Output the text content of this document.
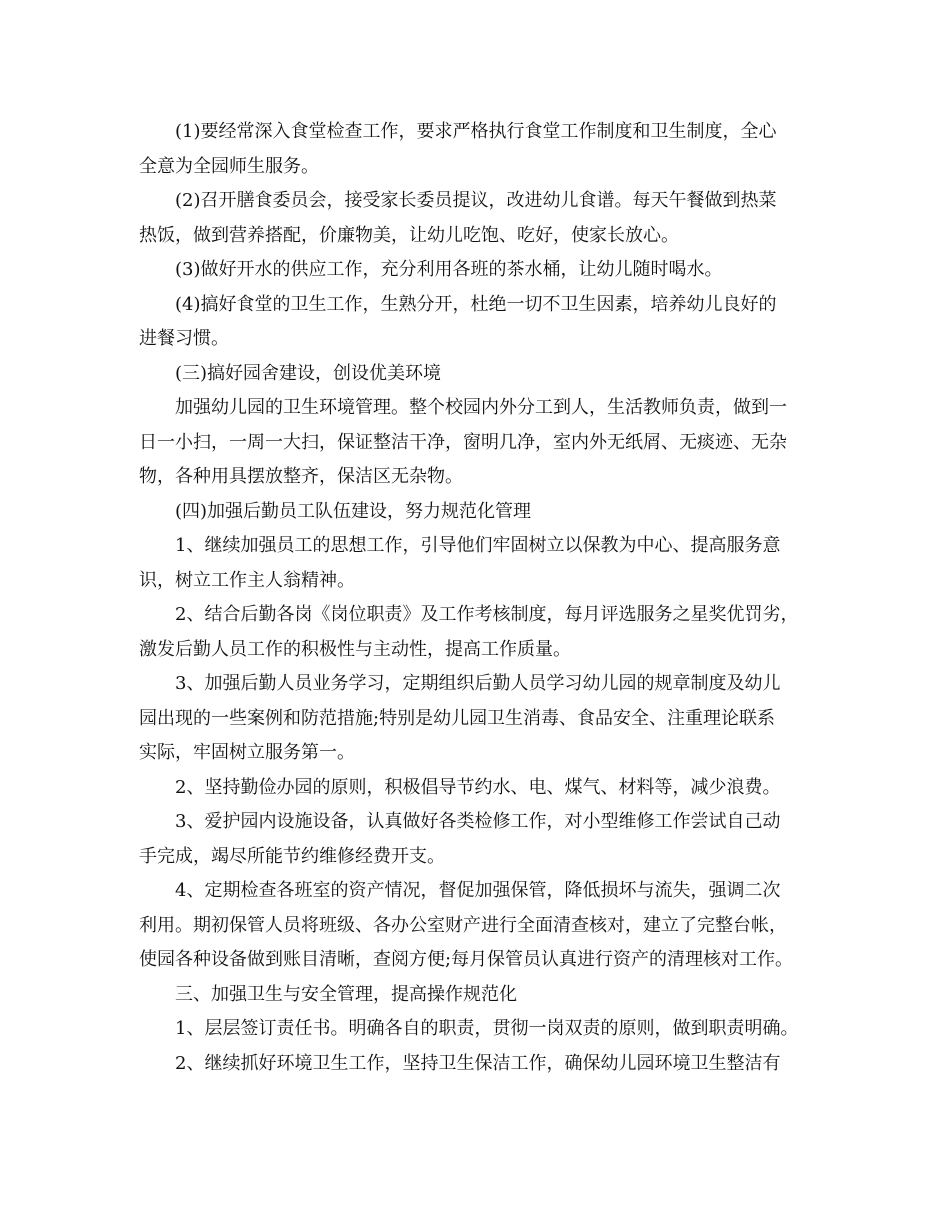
(1)要经常深入食堂检查工作，要求严格执行食堂工作制度和卫生制度，全心
全意为全园师生服务。
(2)召开膳食委员会，接受家长委员提议，改进幼儿食谱。每天午餐做到热菜
热饭，做到营养搭配，价廉物美，让幼儿吃饱、吃好，使家长放心。
(3)做好开水的供应工作，充分利用各班的茶水桶，让幼儿随时喝水。
(4)搞好食堂的卫生工作，生熟分开，杜绝一切不卫生因素，培养幼儿良好的
进餐习惯。
(三)搞好园舍建设，创设优美环境
加强幼儿园的卫生环境管理。整个校园内外分工到人，生活教师负责，做到一
日一小扫，一周一大扫，保证整洁干净，窗明几净，室内外无纸屑、无痰迹、无杂
物，各种用具摆放整齐，保洁区无杂物。
(四)加强后勤员工队伍建设，努力规范化管理
1、继续加强员工的思想工作，引导他们牢固树立以保教为中心、提高服务意
识，树立工作主人翁精神。
2、结合后勤各岗《岗位职责》及工作考核制度，每月评选服务之星奖优罚劣，
激发后勤人员工作的积极性与主动性，提高工作质量。
3、加强后勤人员业务学习，定期组织后勤人员学习幼儿园的规章制度及幼儿
园出现的一些案例和防范措施;特别是幼儿园卫生消毒、食品安全、注重理论联系
实际，牢固树立服务第一。
2、坚持勤俭办园的原则，积极倡导节约水、电、煤气、材料等，减少浪费。
3、爱护园内设施设备，认真做好各类检修工作，对小型维修工作尝试自己动
手完成，竭尽所能节约维修经费开支。
4、定期检查各班室的资产情况，督促加强保管，降低损坏与流失，强调二次
利用。期初保管人员将班级、各办公室财产进行全面清查核对，建立了完整台帐，
使园各种设备做到账目清晰，查阅方便;每月保管员认真进行资产的清理核对工作。
三、加强卫生与安全管理，提高操作规范化
1、层层签订责任书。明确各自的职责，贯彻一岗双责的原则，做到职责明确。
2、继续抓好环境卫生工作，坚持卫生保洁工作，确保幼儿园环境卫生整洁有
